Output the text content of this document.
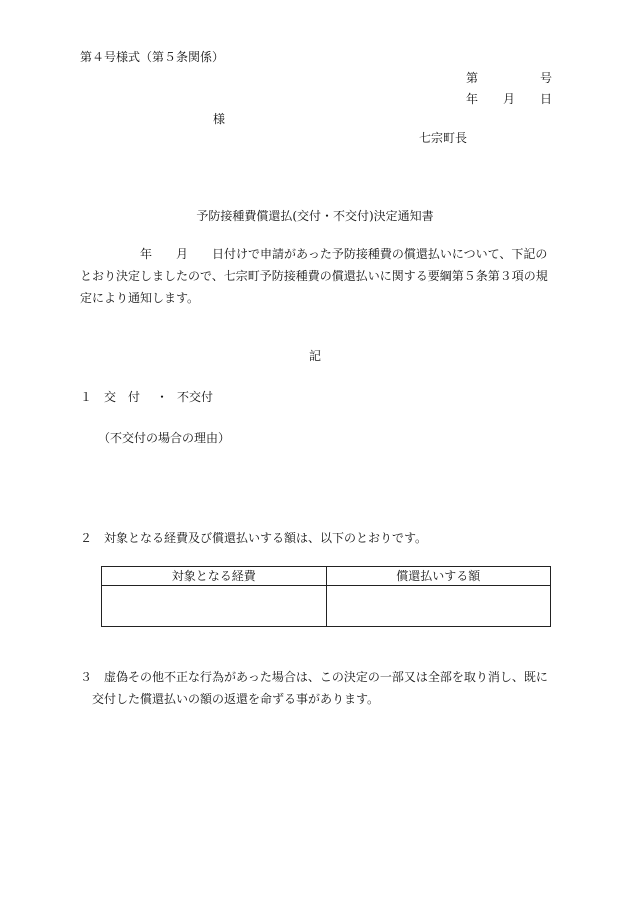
第４号様式（第５条関係）
第	号
年 月 日
様
七宗町長
予防接種費償還払(交付・不交付)決定通知書
年 月 日付けで申請があった予防接種費の償還払いについて、下記のとおり決定しましたので、七宗町予防接種費の償還払いに関する要綱第５条第３項の規定により通知します。
記
１ 交　付 ・ 不交付
（不交付の場合の理由）
２ 対象となる経費及び償還払いする額は、以下のとおりです。
対象となる経費	償還払いする額

３ 虚偽その他不正な行為があった場合は、この決定の一部又は全部を取り消し、既に
交付した償還払いの額の返還を命ずる事があります。
